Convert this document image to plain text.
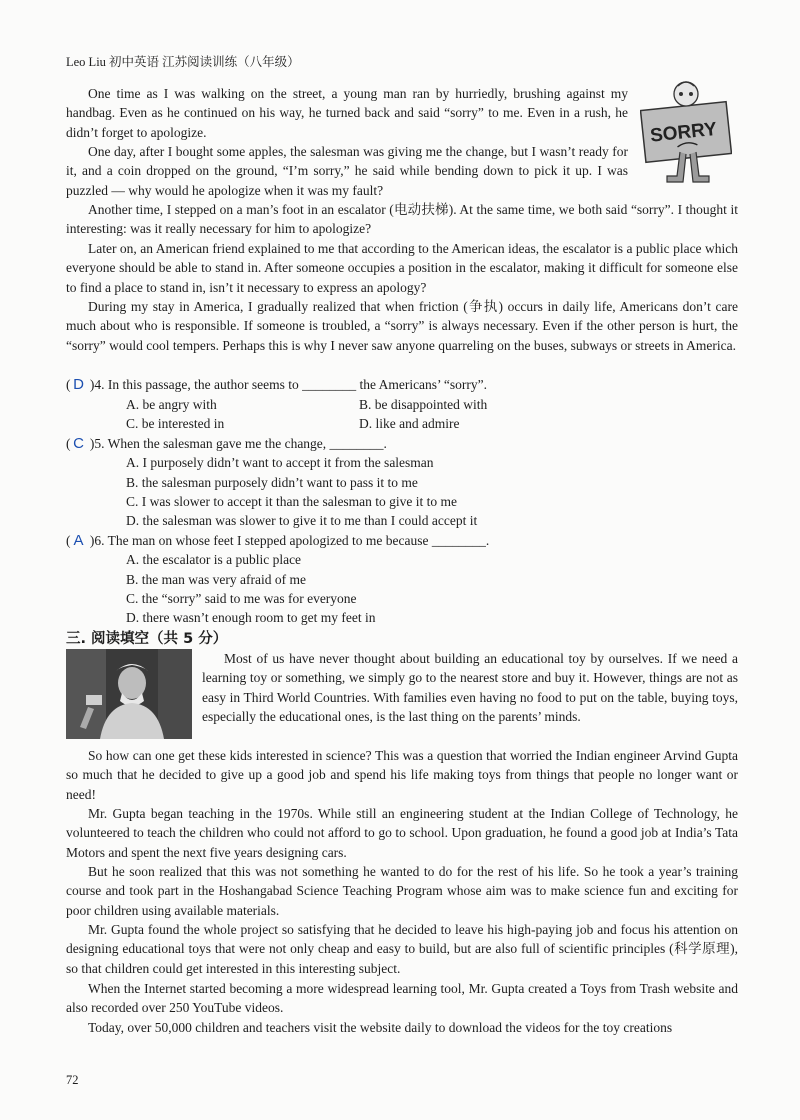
Leo Liu 初中英语 江苏阅读训练（八年级）
SORRY

One time as I was walking on the street, a young man ran by hurriedly, brushing against my handbag. Even as he continued on his way, he turned back and said “sorry” to me. Even in a rush, he didn’t forget to apologize.

One day, after I bought some apples, the salesman was giving me the change, but I wasn’t ready for it, and a coin dropped on the ground, “I’m sorry,” he said while bending down to pick it up. I was puzzled — why would he apologize when it was my fault?

Another time, I stepped on a man’s foot in an escalator (电动扶梯). At the same time, we both said “sorry”. I thought it interesting: was it really necessary for him to apologize?

Later on, an American friend explained to me that according to the American ideas, the escalator is a public place which everyone should be able to stand in. After someone occupies a position in the escalator, making it difficult for someone else to find a place to stand in, isn’t it necessary to express an apology?

During my stay in America, I gradually realized that when friction (争执) occurs in daily life, Americans don’t care much about who is responsible. If someone is troubled, a “sorry” is always necessary. Even if the other person is hurt, the “sorry” would cool tempers. Perhaps this is why I never saw anyone quarreling on the buses, subways or streets in America.

( D )4. In this passage, the author seems to ________ the Americans’ “sorry”.
A. be angry with	B. be disappointed with
C. be interested in	D. like and admire
( C )5. When the salesman gave me the change, ________.
A. I purposely didn’t want to accept it from the salesman
B. the salesman purposely didn’t want to pass it to me
C. I was slower to accept it than the salesman to give it to me
D. the salesman was slower to give it to me than I could accept it
( A )6. The man on whose feet I stepped apologized to me because ________.
A. the escalator is a public place
B. the man was very afraid of me
C. the “sorry” said to me was for everyone
D. there wasn’t enough room to get my feet in
三. 阅读填空（共 5 分）

Most of us have never thought about building an educational toy by ourselves. If we need a learning toy or something, we simply go to the nearest store and buy it. However, things are not as easy in Third World Countries. With families even having no food to put on the table, buying toys, especially the educational ones, is the last thing on the parents’ minds.

So how can one get these kids interested in science? This was a question that worried the Indian engineer Arvind Gupta so much that he decided to give up a good job and spend his life making toys from things that people no longer want or need!

Mr. Gupta began teaching in the 1970s. While still an engineering student at the Indian College of Technology, he volunteered to teach the children who could not afford to go to school. Upon graduation, he found a good job at India’s Tata Motors and spent the next five years designing cars.

But he soon realized that this was not something he wanted to do for the rest of his life. So he took a year’s training course and took part in the Hoshangabad Science Teaching Program whose aim was to make science fun and exciting for poor children using available materials.

Mr. Gupta found the whole project so satisfying that he decided to leave his high-paying job and focus his attention on designing educational toys that were not only cheap and easy to build, but are also full of scientific principles (科学原理), so that children could get interested in this interesting subject.

When the Internet started becoming a more widespread learning tool, Mr. Gupta created a Toys from Trash website and also recorded over 250 YouTube videos.

Today, over 50,000 children and teachers visit the website daily to download the videos for the toy creations

72
